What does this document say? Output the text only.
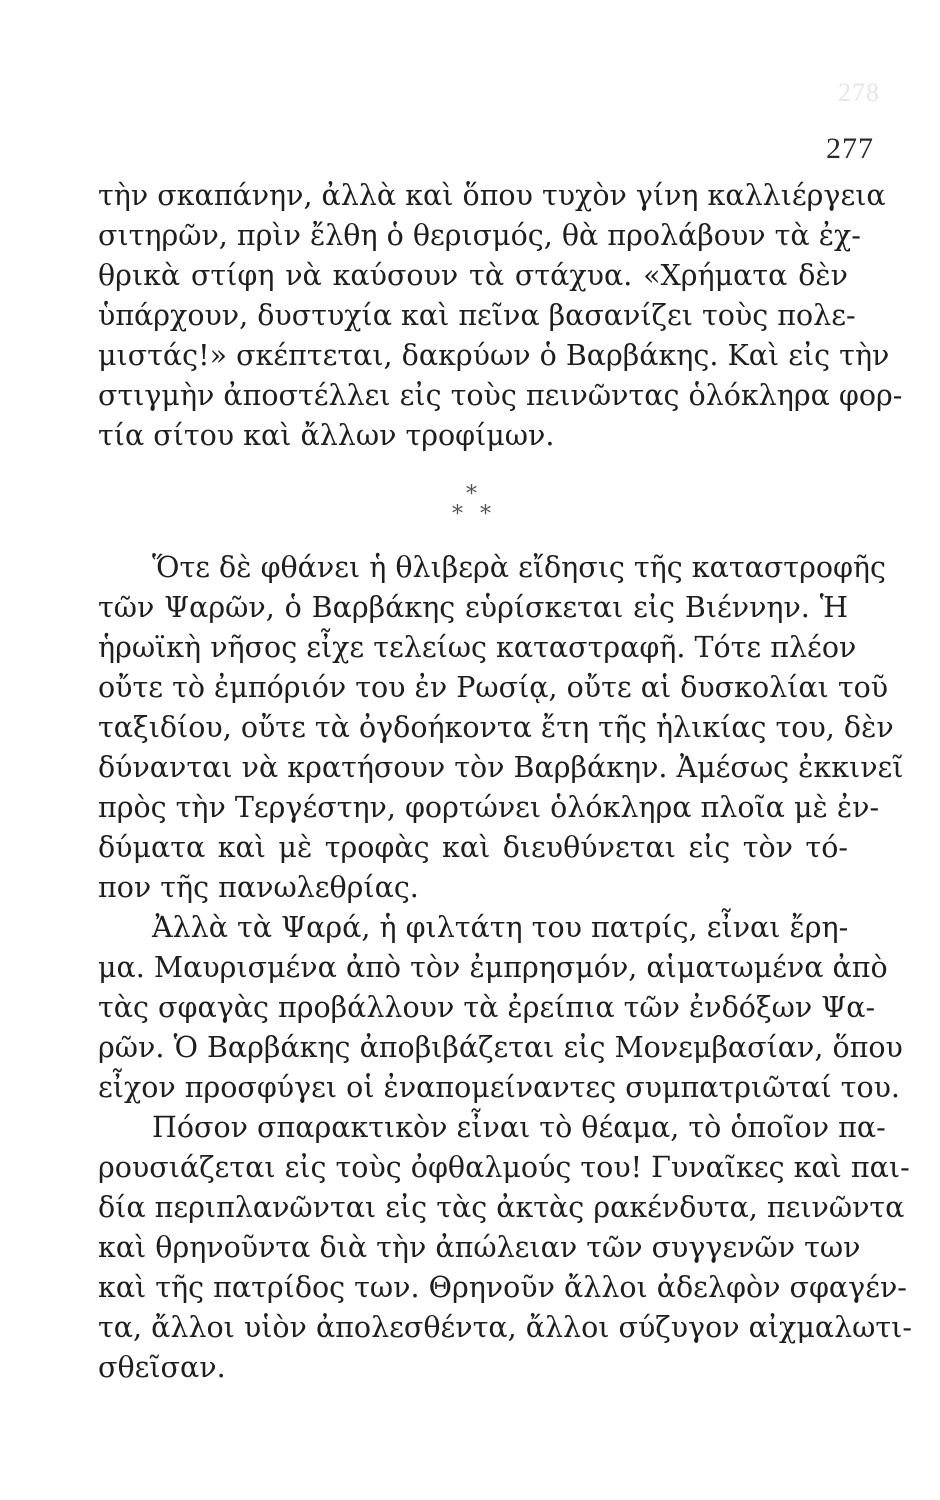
278
277
τὴν σκαπάνην, ἀλλὰ καὶ ὅπου τυχὸν γίνη καλλιέργεια
σιτηρῶν, πρὶν ἔλθη ὁ θερισμός, θὰ προλάβουν τὰ ἐχ-
θρικὰ στίφη νὰ καύσουν τὰ στάχυα. «Χρήματα δὲν
ὑπάρχουν, δυστυχία καὶ πεῖνα βασανίζει τοὺς πολε-
μιστάς!» σκέπτεται, δακρύων ὁ Βαρβάκης. Καὶ εἰς τὴν
στιγμὴν ἀποστέλλει εἰς τοὺς πεινῶντας ὁλόκληρα φορ-
τία σίτου καὶ ἄλλων τροφίμων.
*
* *
Ὅτε δὲ φθάνει ἡ θλιβερὰ εἴδησις τῆς καταστροφῆς
τῶν Ψαρῶν, ὁ Βαρβάκης εὑρίσκεται εἰς Βιέννην. Ἡ
ἡρωϊκὴ νῆσος εἶχε τελείως καταστραφῆ. Τότε πλέον
οὔτε τὸ ἐμπόριόν του ἐν Ρωσίᾳ, οὔτε αἱ δυσκολίαι τοῦ
ταξιδίου, οὔτε τὰ ὀγδοήκοντα ἔτη τῆς ἡλικίας του, δὲν
δύνανται νὰ κρατήσουν τὸν Βαρβάκην. Ἀμέσως ἐκκινεῖ
πρὸς τὴν Τεργέστην, φορτώνει ὁλόκληρα πλοῖα μὲ ἐν-
δύματα καὶ μὲ τροφὰς καὶ διευθύνεται εἰς τὸν τό-
πον τῆς πανωλεθρίας.
Ἀλλὰ τὰ Ψαρά, ἡ φιλτάτη του πατρίς, εἶναι ἔρη-
μα. Μαυρισμένα ἀπὸ τὸν ἐμπρησμόν, αἱματωμένα ἀπὸ
τὰς σφαγὰς προβάλλουν τὰ ἐρείπια τῶν ἐνδόξων Ψα-
ρῶν. Ὁ Βαρβάκης ἀποβιβάζεται εἰς Μονεμβασίαν, ὅπου
εἶχον προσφύγει οἱ ἐναπομείναντες συμπατριῶταί του.
Πόσον σπαρακτικὸν εἶναι τὸ θέαμα, τὸ ὁποῖον πα-
ρουσιάζεται εἰς τοὺς ὀφθαλμούς του! Γυναῖκες καὶ παι-
δία περιπλανῶνται εἰς τὰς ἀκτὰς ρακένδυτα, πεινῶντα
καὶ θρηνοῦντα διὰ τὴν ἀπώλειαν τῶν συγγενῶν των
καὶ τῆς πατρίδος των. Θρηνοῦν ἄλλοι ἀδελφὸν σφαγέν-
τα, ἄλλοι υἱὸν ἀπολεσθέντα, ἄλλοι σύζυγον αἰχμαλωτι-
σθεῖσαν.
